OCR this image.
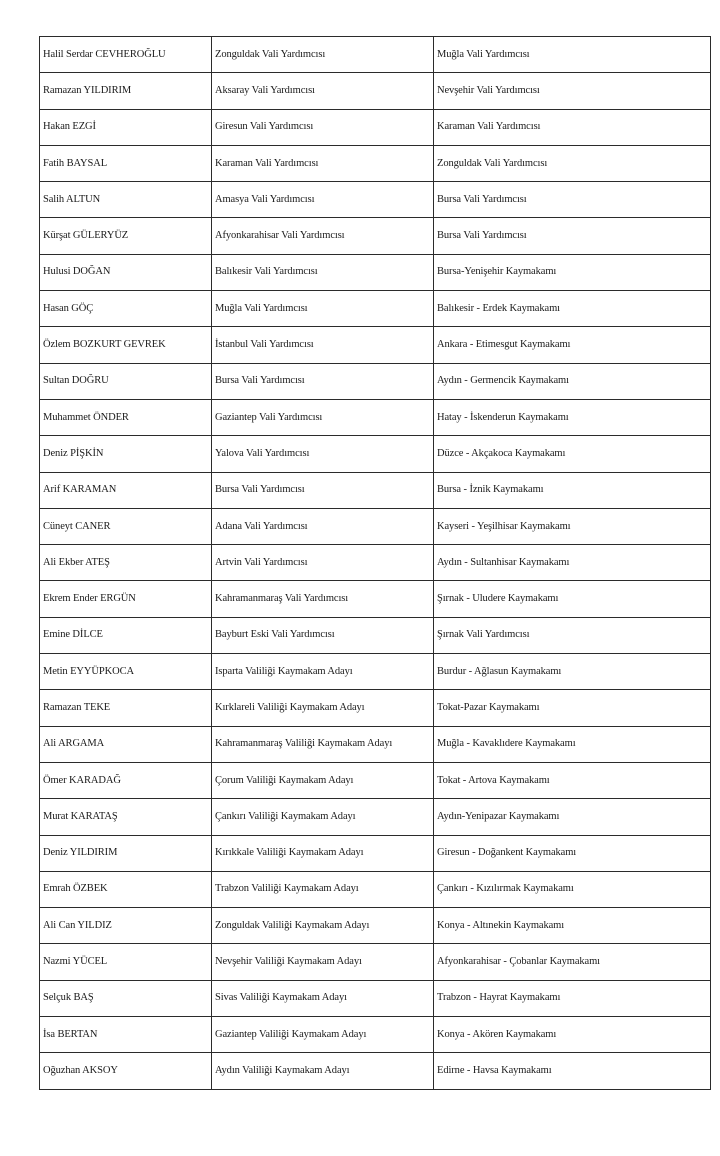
Halil Serdar CEVHEROĞLU	Zonguldak Vali Yardımcısı	Muğla Vali Yardımcısı
Ramazan YILDIRIM	Aksaray Vali Yardımcısı	Nevşehir Vali Yardımcısı
Hakan EZGİ	Giresun Vali Yardımcısı	Karaman Vali Yardımcısı
Fatih BAYSAL	Karaman Vali Yardımcısı	Zonguldak Vali Yardımcısı
Salih ALTUN	Amasya Vali Yardımcısı	Bursa Vali Yardımcısı
Kürşat GÜLERYÜZ	Afyonkarahisar Vali Yardımcısı	Bursa Vali Yardımcısı
Hulusi DOĞAN	Balıkesir Vali Yardımcısı	Bursa-Yenişehir Kaymakamı
Hasan GÖÇ	Muğla Vali Yardımcısı	Balıkesir - Erdek Kaymakamı
Özlem BOZKURT GEVREK	İstanbul Vali Yardımcısı	Ankara - Etimesgut Kaymakamı
Sultan DOĞRU	Bursa Vali Yardımcısı	Aydın - Germencik Kaymakamı
Muhammet ÖNDER	Gaziantep Vali Yardımcısı	Hatay - İskenderun Kaymakamı
Deniz PİŞKİN	Yalova Vali Yardımcısı	Düzce - Akçakoca Kaymakamı
Arif KARAMAN	Bursa Vali Yardımcısı	Bursa - İznik Kaymakamı
Cüneyt CANER	Adana Vali Yardımcısı	Kayseri - Yeşilhisar Kaymakamı
Ali Ekber ATEŞ	Artvin Vali Yardımcısı	Aydın - Sultanhisar Kaymakamı
Ekrem Ender ERGÜN	Kahramanmaraş Vali Yardımcısı	Şırnak - Uludere Kaymakamı
Emine DİLCE	Bayburt Eski Vali Yardımcısı	Şırnak Vali Yardımcısı
Metin EYYÜPKOCA	Isparta Valiliği Kaymakam Adayı	Burdur - Ağlasun Kaymakamı
Ramazan TEKE	Kırklareli Valiliği Kaymakam Adayı	Tokat-Pazar Kaymakamı
Ali ARGAMA	Kahramanmaraş Valiliği Kaymakam Adayı	Muğla - Kavaklıdere Kaymakamı
Ömer KARADAĞ	Çorum Valiliği Kaymakam Adayı	Tokat - Artova Kaymakamı
Murat KARATAŞ	Çankırı Valiliği Kaymakam Adayı	Aydın-Yenipazar Kaymakamı
Deniz YILDIRIM	Kırıkkale Valiliği Kaymakam Adayı	Giresun - Doğankent Kaymakamı
Emrah ÖZBEK	Trabzon Valiliği Kaymakam Adayı	Çankırı - Kızılırmak Kaymakamı
Ali Can YILDIZ	Zonguldak Valiliği Kaymakam Adayı	Konya - Altınekin Kaymakamı
Nazmi YÜCEL	Nevşehir Valiliği Kaymakam Adayı	Afyonkarahisar - Çobanlar Kaymakamı
Selçuk BAŞ	Sivas Valiliği Kaymakam Adayı	Trabzon - Hayrat Kaymakamı
İsa BERTAN	Gaziantep Valiliği Kaymakam Adayı	Konya - Akören Kaymakamı
Oğuzhan AKSOY	Aydın Valiliği Kaymakam Adayı	Edirne - Havsa Kaymakamı
